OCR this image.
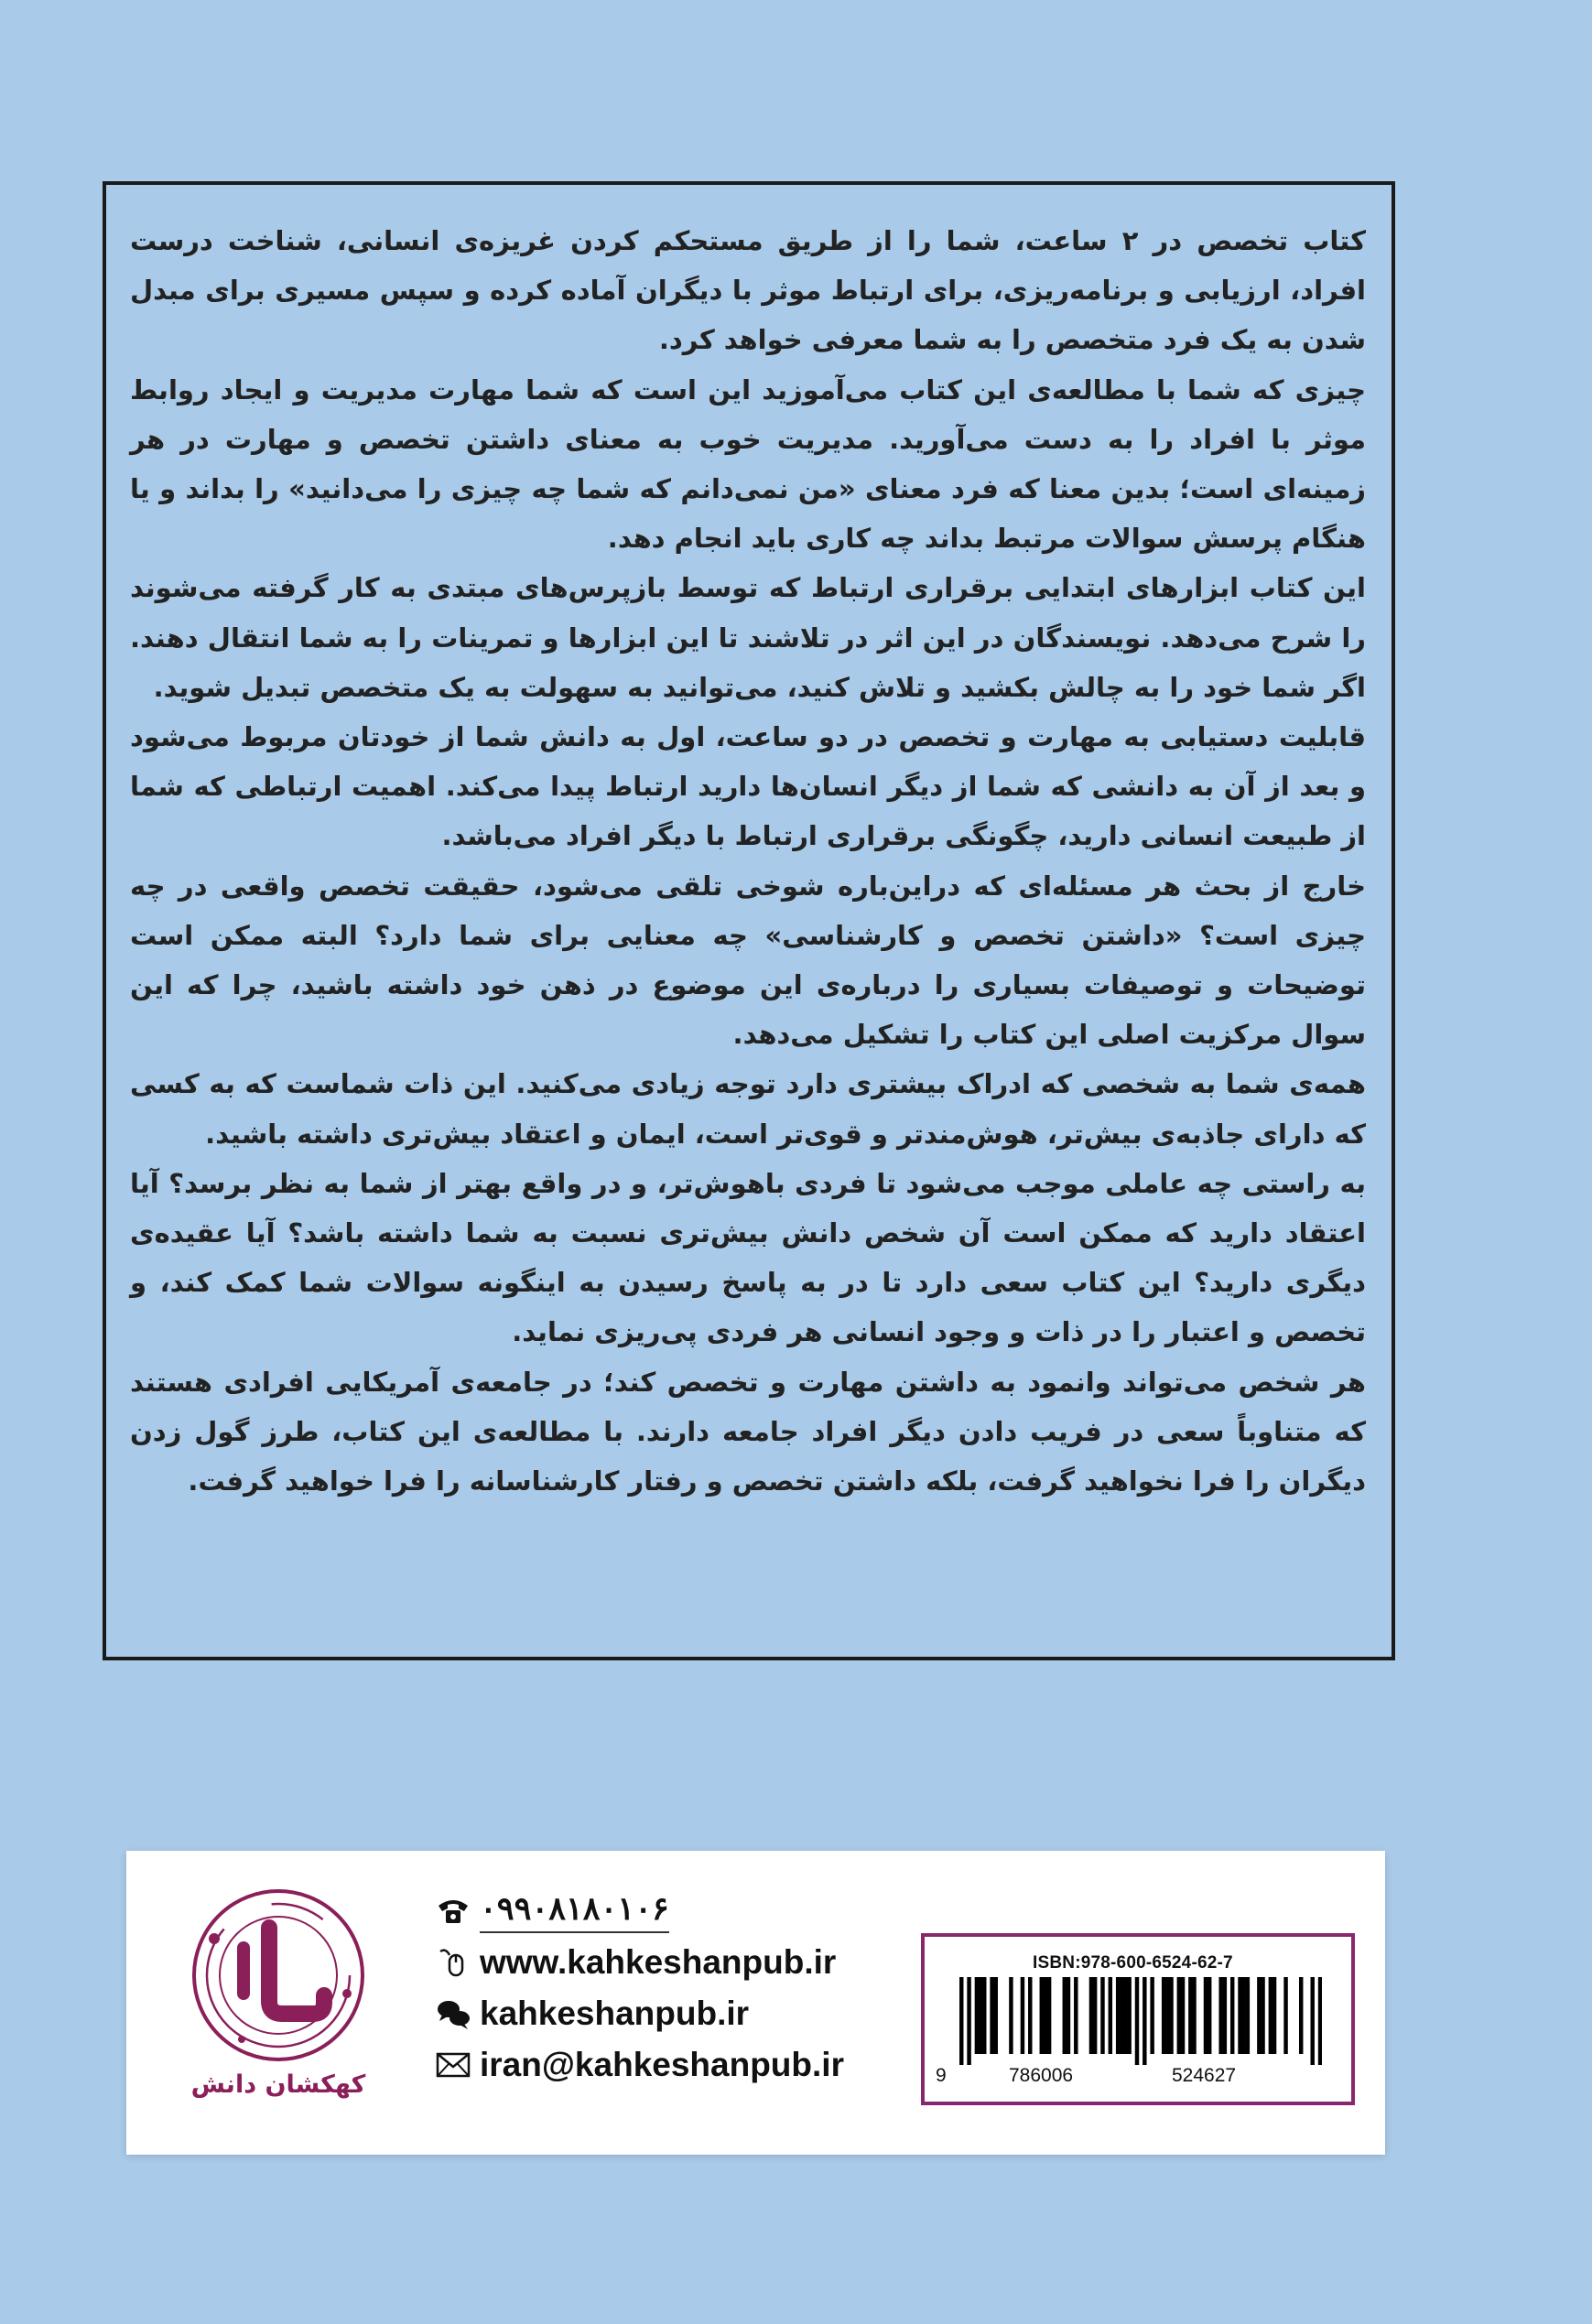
کتاب تخصص در ۲ ساعت، شما را از طریق مستحکم کردن غریزه‌ی انسانی، شناخت درست افراد، ارزیابی و برنامه‌ریزی، برای ارتباط موثر با دیگران آماده کرده و سپس مسیری برای مبدل شدن به یک فرد متخصص را به شما معرفی خواهد کرد.

چیزی که شما با مطالعه‌ی این کتاب می‌آموزید این است که شما مهارت مدیریت و ایجاد روابط موثر با افراد را به دست می‌آورید. مدیریت خوب به معنای داشتن تخصص و مهارت در هر زمینه‌ای است؛ بدین معنا که فرد معنای «من نمی‌دانم که شما چه چیزی را می‌دانید» را بداند و یا هنگام پرسش سوالات مرتبط بداند چه کاری باید انجام دهد.

این کتاب ابزارهای ابتدایی برقراری ارتباط که توسط بازپرس‌های مبتدی به کار گرفته می‌شوند را شرح می‌دهد. نویسندگان در این اثر در تلاشند تا این ابزارها و تمرینات را به شما انتقال دهند. اگر شما خود را به چالش بکشید و تلاش کنید، می‌توانید به سهولت به یک متخصص تبدیل شوید.

قابلیت دستیابی به مهارت و تخصص در دو ساعت، اول به دانش شما از خودتان مربوط می‌شود و بعد از آن به دانشی که شما از دیگر انسان‌ها دارید ارتباط پیدا می‌کند. اهمیت ارتباطی که شما از طبیعت انسانی دارید، چگونگی برقراری ارتباط با دیگر افراد می‌باشد.

خارج از بحث هر مسئله‌ای که دراین‌باره شوخی تلقی می‌شود، حقیقت تخصص واقعی در چه چیزی است؟ «داشتن تخصص و کارشناسی» چه معنایی برای شما دارد؟ البته ممکن است توضیحات و توصیفات بسیاری را درباره‌ی این موضوع در ذهن خود داشته باشید، چرا که این سوال مرکزیت اصلی این کتاب را تشکیل می‌دهد.

همه‌ی شما به شخصی که ادراک بیشتری دارد توجه زیادی می‌کنید. این ذات شماست که به کسی که دارای جاذبه‌ی بیش‌تر، هوش‌مندتر و قوی‌تر است، ایمان و اعتقاد بیش‌تری داشته باشید.

به راستی چه عاملی موجب می‌شود تا فردی باهوش‌تر، و در واقع بهتر از شما به نظر برسد؟ آیا اعتقاد دارید که ممکن است آن شخص دانش بیش‌تری نسبت به شما داشته باشد؟ آیا عقیده‌ی دیگری دارید؟ این کتاب سعی دارد تا در به پاسخ رسیدن به اینگونه سوالات شما کمک کند، و تخصص و اعتبار را در ذات و وجود انسانی هر فردی پی‌ریزی نماید.

هر شخص می‌تواند وانمود به داشتن مهارت و تخصص کند؛ در جامعه‌ی آمریکایی افرادی هستند که متناوباً سعی در فریب دادن دیگر افراد جامعه دارند. با مطالعه‌ی این کتاب، طرز گول زدن دیگران را فرا نخواهید گرفت، بلکه داشتن تخصص و رفتار کارشناسانه را فرا خواهید گرفت.

کهکشان دانش
۰۹۹۰۸۱۸۰۱۰۶
www.kahkeshanpub.ir
kahkeshanpub.ir
iran@kahkeshanpub.ir
ISBN:978-600-6524-62-7
9	786006	524627
